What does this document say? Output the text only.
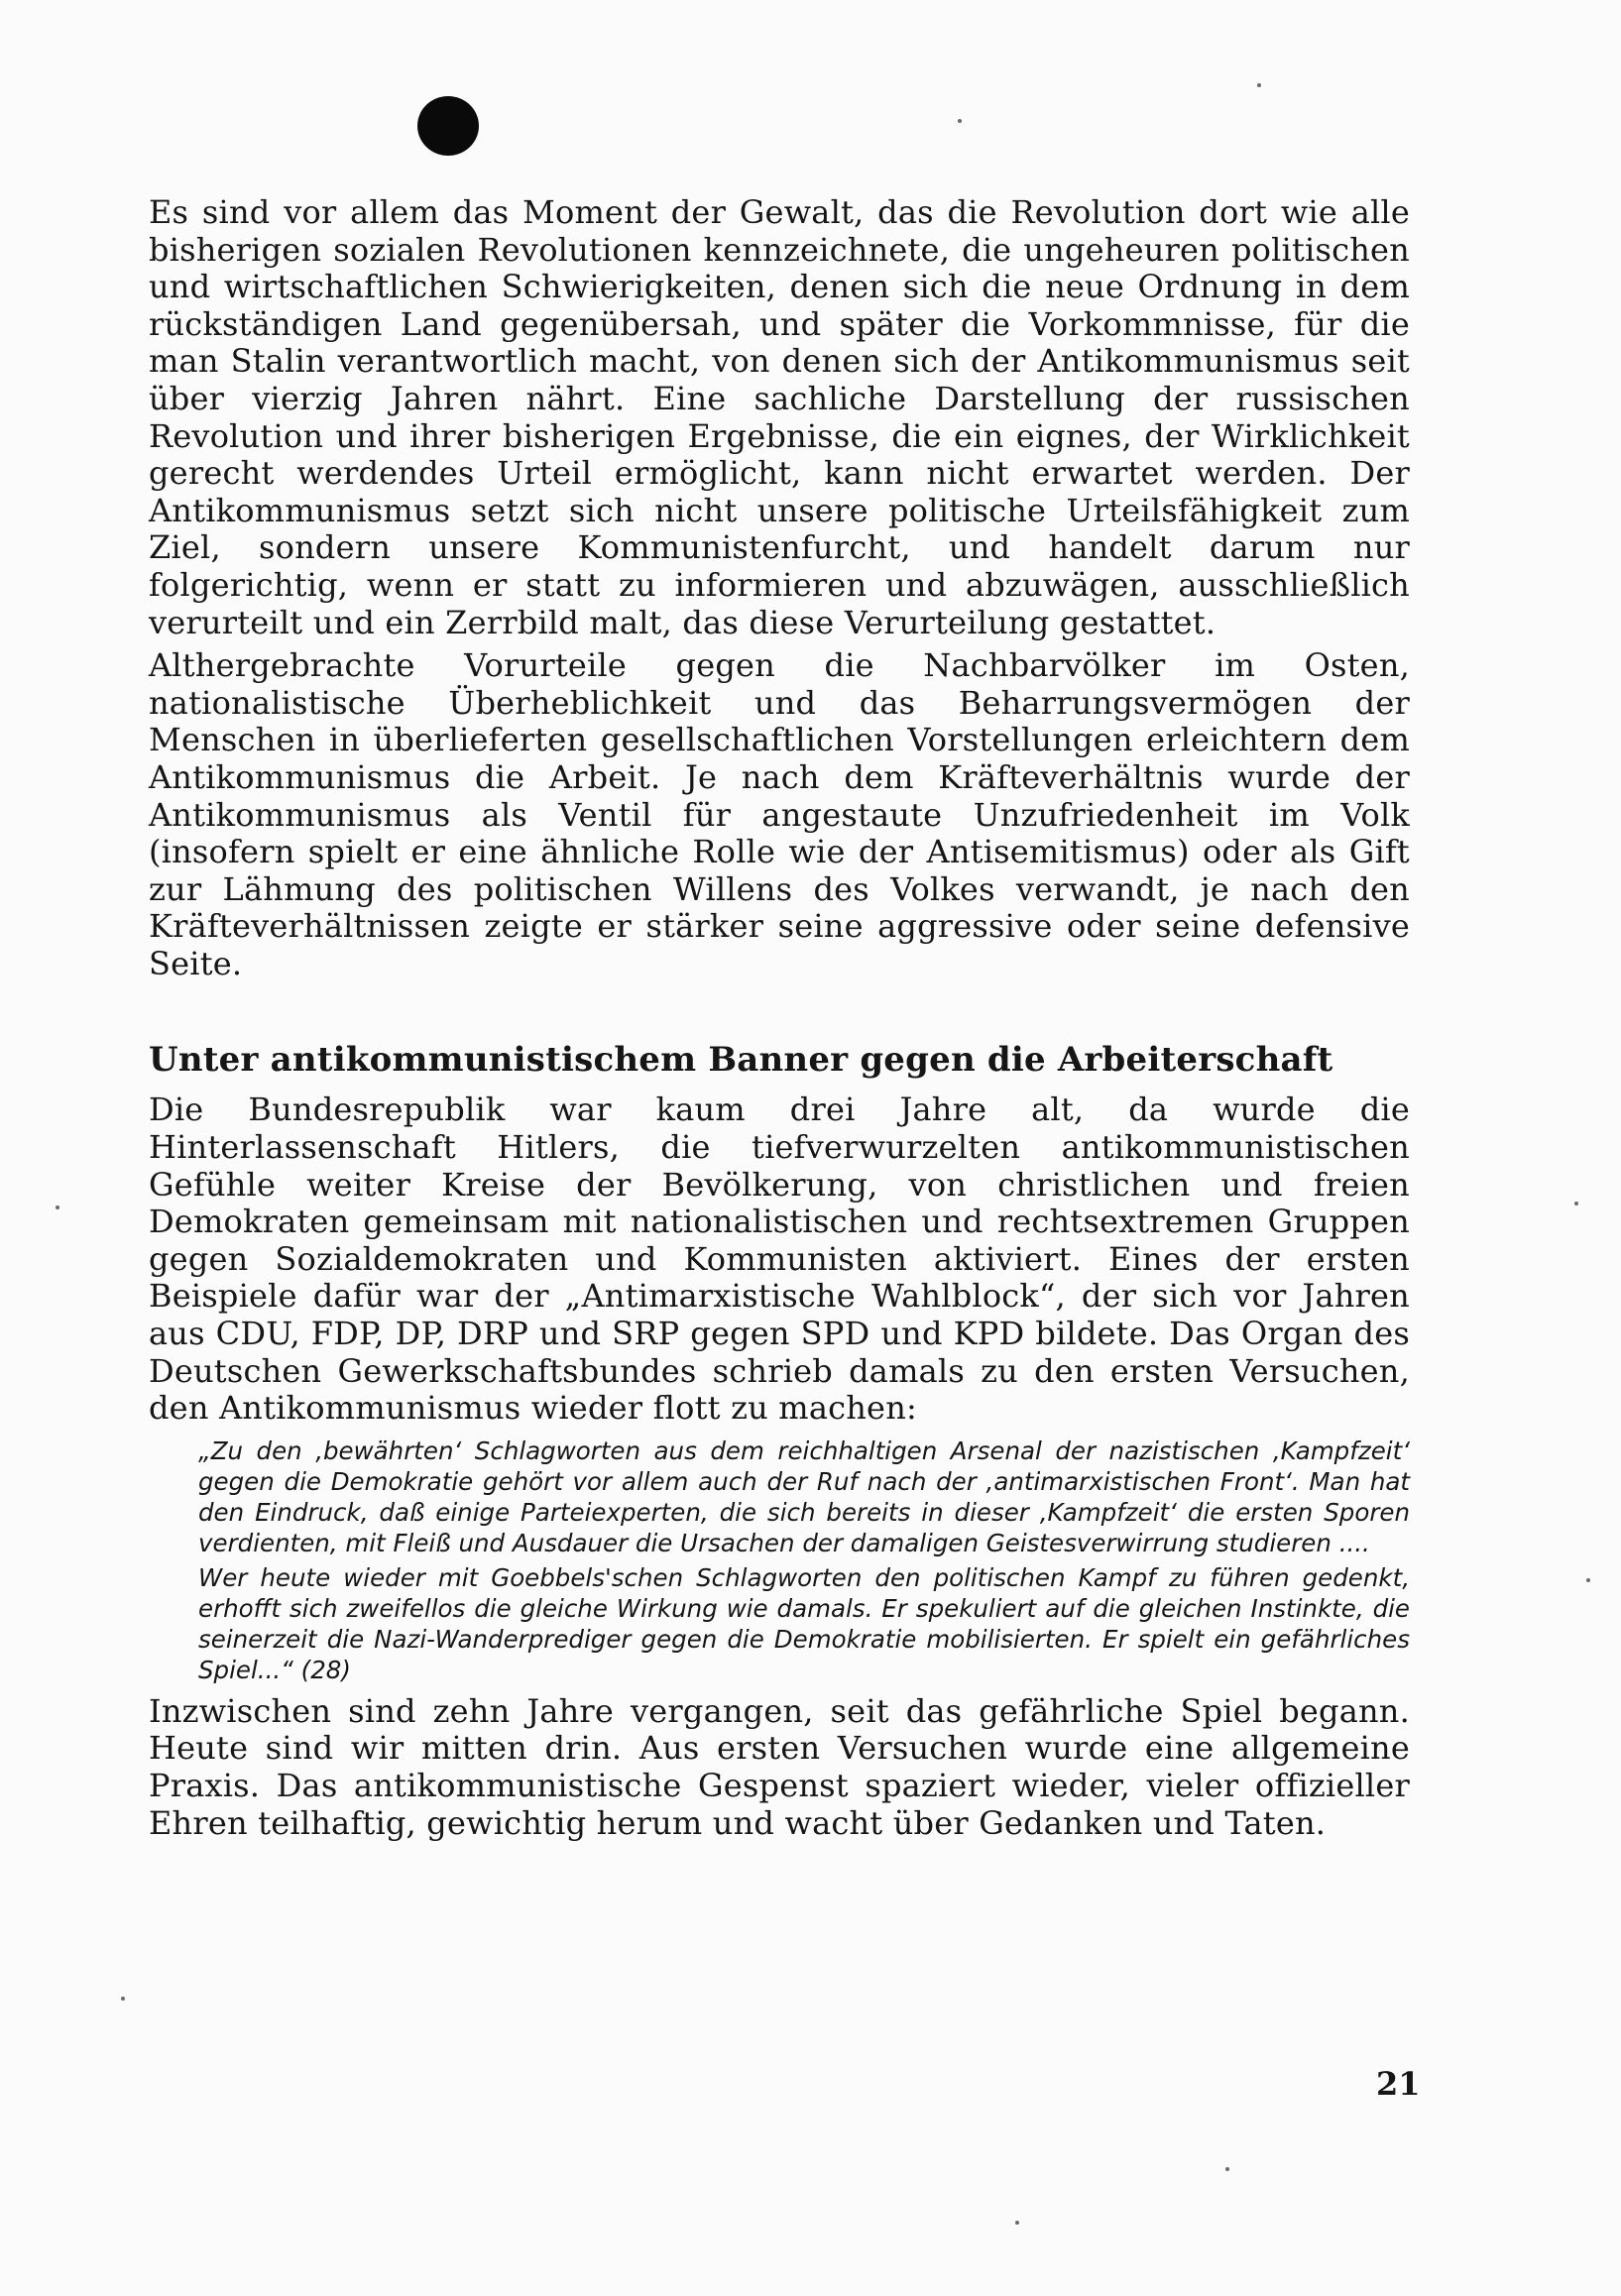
Es sind vor allem das Moment der Gewalt, das die Revolution dort wie alle bisherigen sozialen Revolutionen kennzeichnete, die ungeheuren politischen und wirtschaftlichen Schwierigkeiten, denen sich die neue Ordnung in dem rückständigen Land gegenübersah, und später die Vorkommnisse, für die man Stalin verantwortlich macht, von denen sich der Antikommunismus seit über vierzig Jahren nährt. Eine sachliche Darstellung der russischen Revolution und ihrer bisherigen Ergebnisse, die ein eignes, der Wirklichkeit gerecht werdendes Urteil ermöglicht, kann nicht erwartet werden. Der Antikommunismus setzt sich nicht unsere politische Urteilsfähigkeit zum Ziel, sondern unsere Kommunistenfurcht, und handelt darum nur folgerichtig, wenn er statt zu informieren und abzuwägen, ausschließlich verurteilt und ein Zerrbild malt, das diese Verurteilung gestattet.

Althergebrachte Vorurteile gegen die Nachbarvölker im Osten, nationalistische Überheblichkeit und das Beharrungsvermögen der Menschen in überlieferten gesellschaftlichen Vorstellungen erleichtern dem Antikommunismus die Arbeit. Je nach dem Kräfteverhältnis wurde der Antikommunismus als Ventil für angestaute Unzufriedenheit im Volk (insofern spielt er eine ähnliche Rolle wie der Antisemitismus) oder als Gift zur Lähmung des politischen Willens des Volkes verwandt, je nach den Kräfteverhältnissen zeigte er stärker seine aggressive oder seine defensive Seite.

Unter antikommunistischem Banner gegen die Arbeiterschaft

Die Bundesrepublik war kaum drei Jahre alt, da wurde die Hinterlassenschaft Hitlers, die tiefverwurzelten antikommunistischen Gefühle weiter Kreise der Bevölkerung, von christlichen und freien Demokraten gemeinsam mit nationalistischen und rechtsextremen Gruppen gegen Sozialdemokraten und Kommunisten aktiviert. Eines der ersten Beispiele dafür war der „Antimarxistische Wahlblock“, der sich vor Jahren aus CDU, FDP, DP, DRP und SRP gegen SPD und KPD bildete. Das Organ des Deutschen Gewerkschaftsbundes schrieb damals zu den ersten Versuchen, den Antikommunismus wieder flott zu machen:

„Zu den ‚bewährten‘ Schlagworten aus dem reichhaltigen Arsenal der nazistischen ‚Kampfzeit‘ gegen die Demokratie gehört vor allem auch der Ruf nach der ‚antimarxistischen Front‘. Man hat den Eindruck, daß einige Parteiexperten, die sich bereits in dieser ‚Kampfzeit‘ die ersten Sporen verdienten, mit Fleiß und Ausdauer die Ursachen der damaligen Geistesverwirrung studieren ....

Wer heute wieder mit Goebbels'schen Schlagworten den politischen Kampf zu führen gedenkt, erhofft sich zweifellos die gleiche Wirkung wie damals. Er spekuliert auf die gleichen Instinkte, die seinerzeit die Nazi-Wanderprediger gegen die Demokratie mobilisierten. Er spielt ein gefährliches Spiel...“ (28)

Inzwischen sind zehn Jahre vergangen, seit das gefährliche Spiel begann. Heute sind wir mitten drin. Aus ersten Versuchen wurde eine allgemeine Praxis. Das antikommunistische Gespenst spaziert wieder, vieler offizieller Ehren teilhaftig, gewichtig herum und wacht über Gedanken und Taten.

21
